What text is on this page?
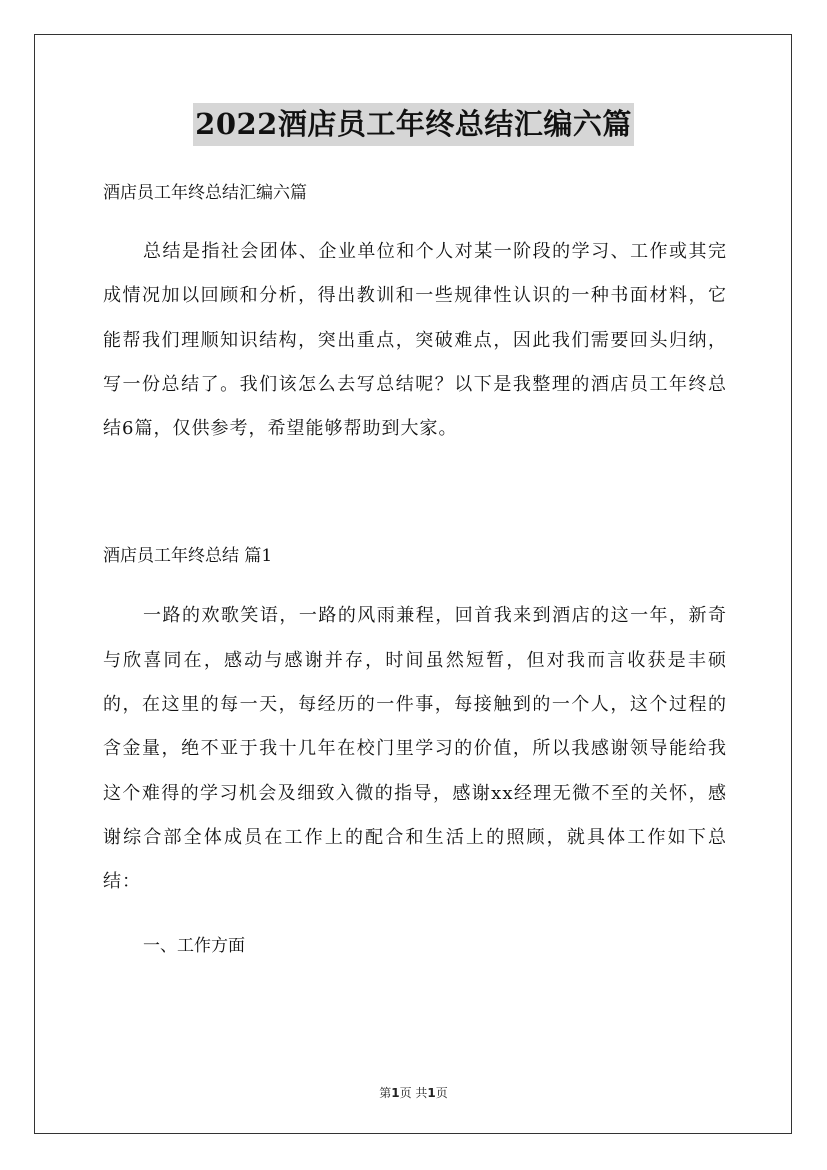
2022酒店员工年终总结汇编六篇

酒店员工年终总结汇编六篇

总结是指社会团体、企业单位和个人对某一阶段的学习、工作或其完成情况加以回顾和分析，得出教训和一些规律性认识的一种书面材料，它能帮我们理顺知识结构，突出重点，突破难点，因此我们需要回头归纳，写一份总结了。我们该怎么去写总结呢？以下是我整理的酒店员工年终总结6篇，仅供参考，希望能够帮助到大家。

酒店员工年终总结 篇1

一路的欢歌笑语，一路的风雨兼程，回首我来到酒店的这一年，新奇与欣喜同在，感动与感谢并存，时间虽然短暂，但对我而言收获是丰硕的，在这里的每一天，每经历的一件事，每接触到的一个人，这个过程的含金量，绝不亚于我十几年在校门里学习的价值，所以我感谢领导能给我这个难得的学习机会及细致入微的指导，感谢xx经理无微不至的关怀，感谢综合部全体成员在工作上的配合和生活上的照顾，就具体工作如下总结：

一、工作方面

第1页 共1页
